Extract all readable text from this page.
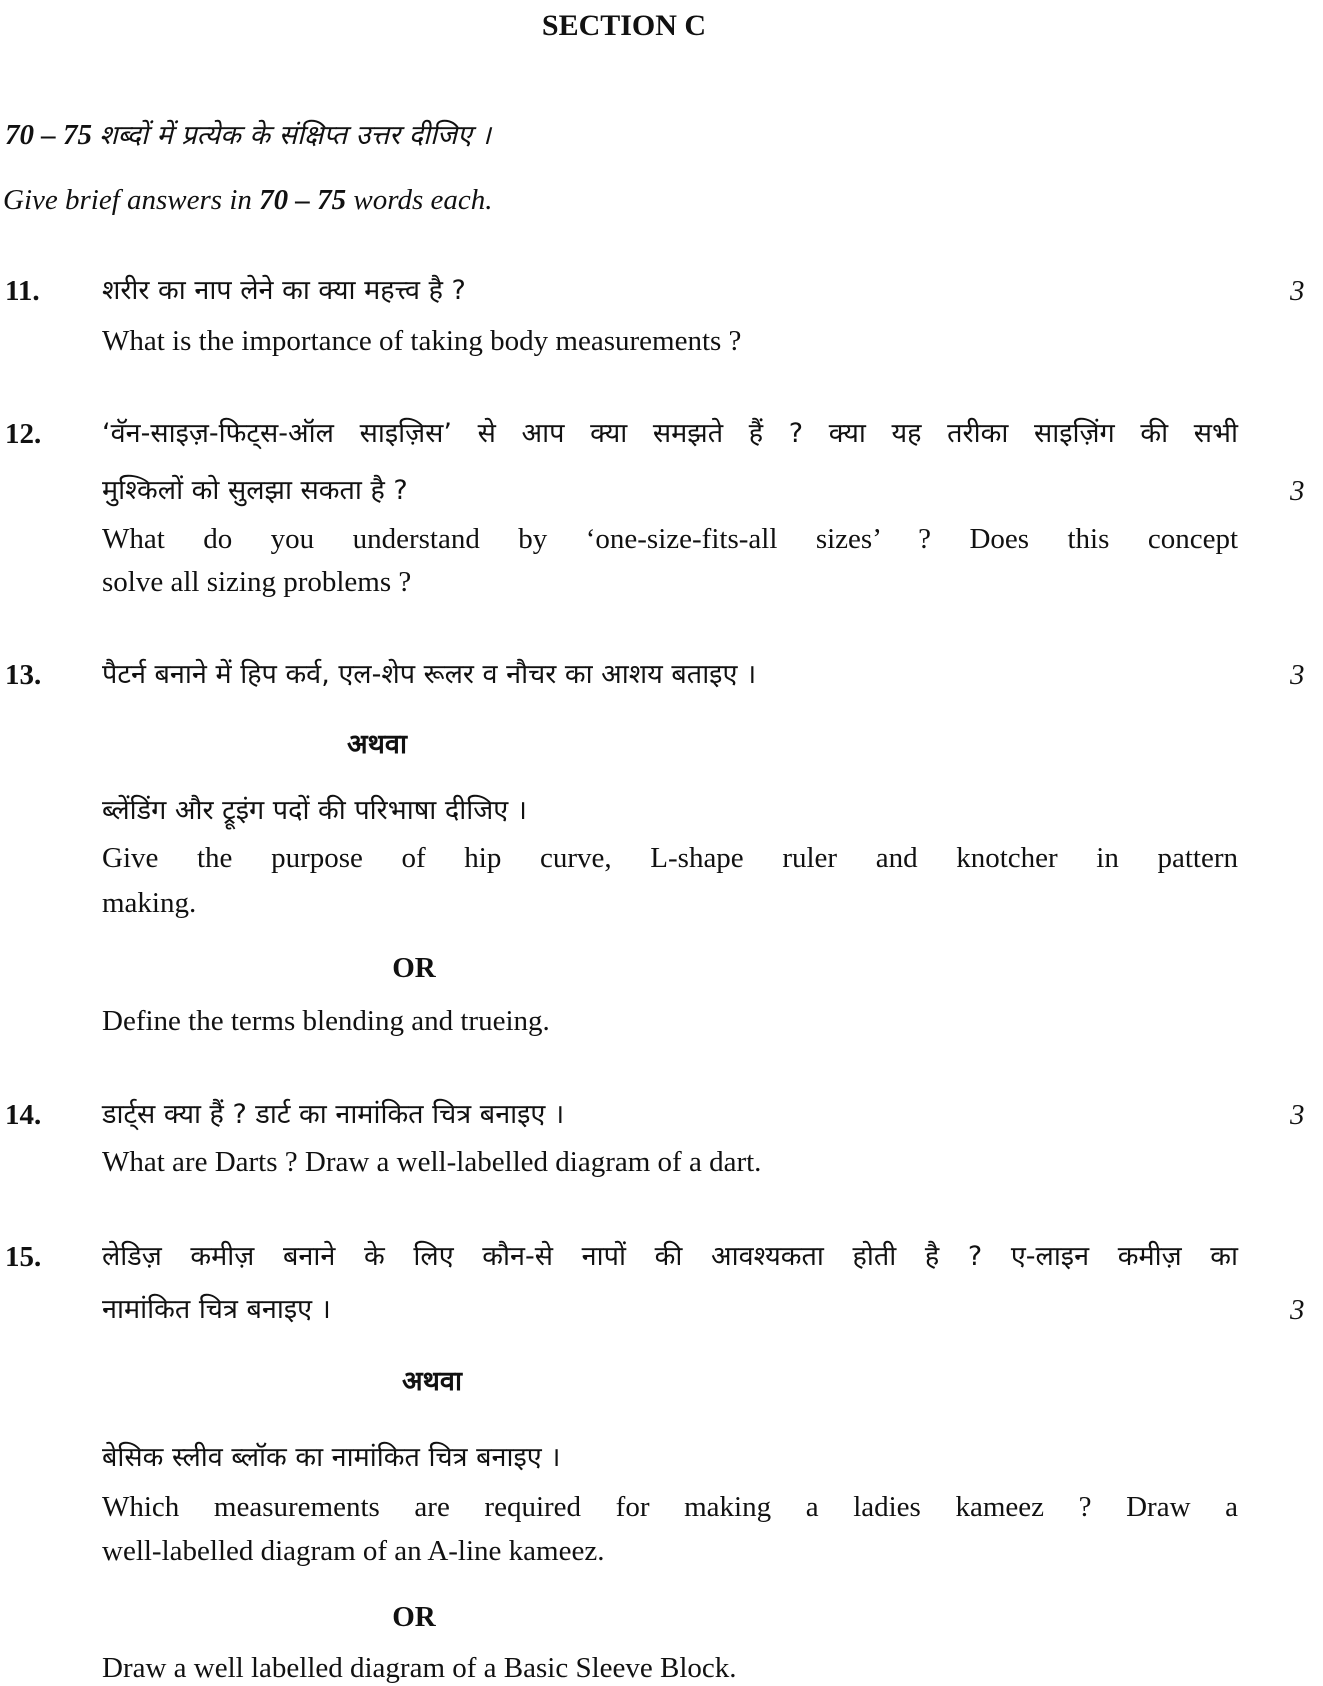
SECTION C
70 – 75 शब्दों में प्रत्येक के संक्षिप्त उत्तर दीजिए ।
Give brief answers in 70 – 75 words each.
11. शरीर का नाप लेने का क्या महत्त्व है ?	3
What is the importance of taking body measurements ?
12. ‘वॅन-साइज़-फिट्स-ऑल साइज़िस’ से आप क्या समझते हैं ? क्या यह तरीका साइज़िंग की सभी
मुश्किलों को सुलझा सकता है ?	3
What do you understand by ‘one-size-fits-all sizes’ ? Does this concept
solve all sizing problems ?
13. पैटर्न बनाने में हिप कर्व, एल-शेप रूलर व नौचर का आशय बताइए ।	3
अथवा
ब्लेंडिंग और ट्रूइंग पदों की परिभाषा दीजिए ।
Give the purpose of hip curve, L-shape ruler and knotcher in pattern
making.
OR
Define the terms blending and trueing.
14. डार्ट्स क्या हैं ? डार्ट का नामांकित चित्र बनाइए ।	3
What are Darts ? Draw a well-labelled diagram of a dart.
15. लेडिज़ कमीज़ बनाने के लिए कौन-से नापों की आवश्यकता होती है ? ए-लाइन कमीज़ का
नामांकित चित्र बनाइए ।	3
अथवा
बेसिक स्लीव ब्लॉक का नामांकित चित्र बनाइए ।
Which measurements are required for making a ladies kameez ? Draw a
well-labelled diagram of an A-line kameez.
OR
Draw a well labelled diagram of a Basic Sleeve Block.
